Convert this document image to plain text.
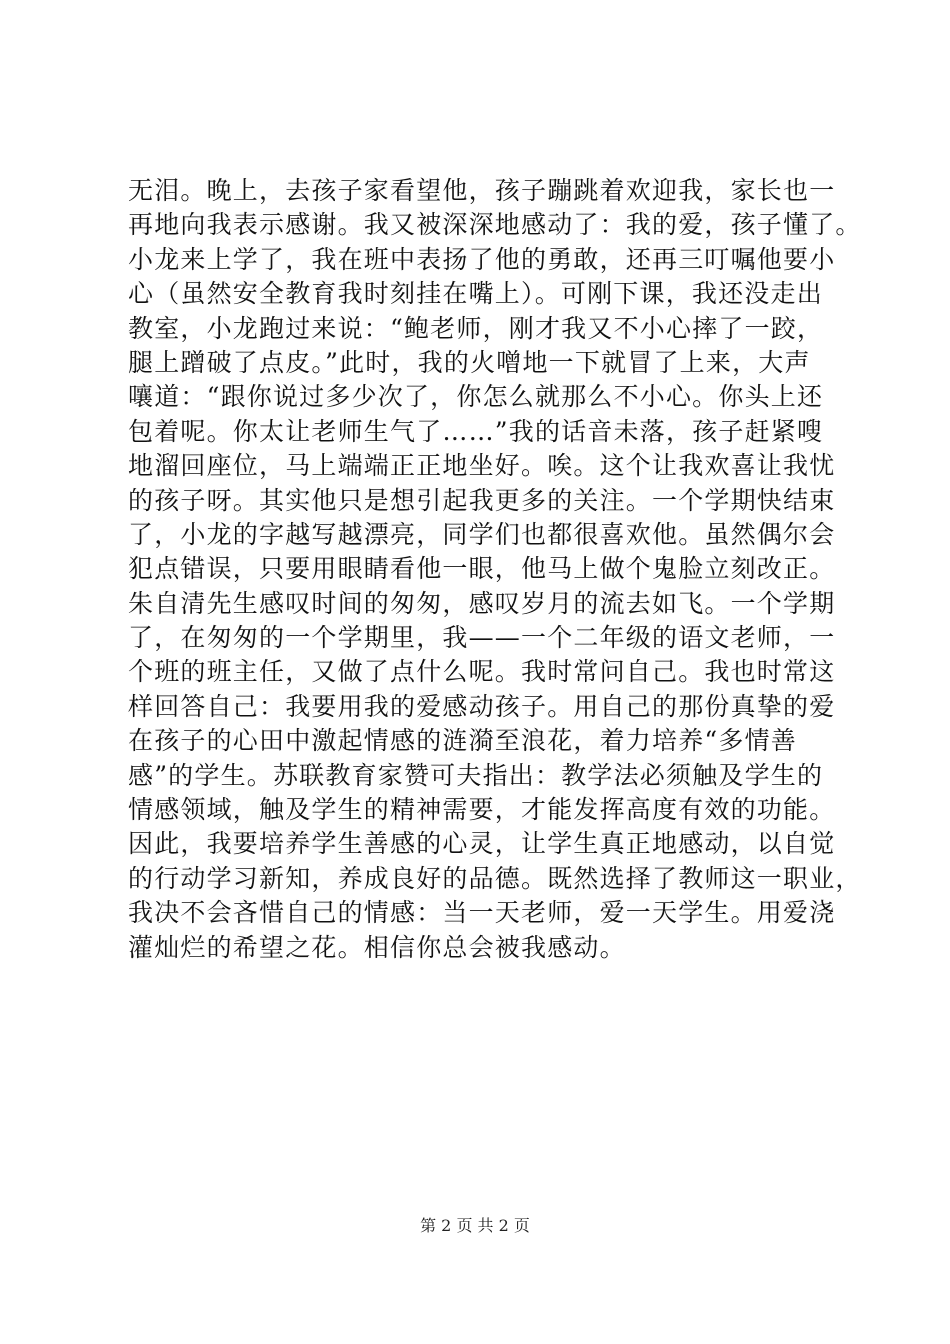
无泪。晚上，去孩子家看望他，孩子蹦跳着欢迎我，家长也一
再地向我表示感谢。我又被深深地感动了：我的爱，孩子懂了。
小龙来上学了，我在班中表扬了他的勇敢，还再三叮嘱他要小
心（虽然安全教育我时刻挂在嘴上）。可刚下课，我还没走出
教室，小龙跑过来说：“鲍老师，刚才我又不小心摔了一跤，
腿上蹭破了点皮。”此时，我的火噌地一下就冒了上来，大声
嚷道：“跟你说过多少次了，你怎么就那么不小心。你头上还
包着呢。你太让老师生气了……”我的话音未落，孩子赶紧嗖
地溜回座位，马上端端正正地坐好。唉。这个让我欢喜让我忧
的孩子呀。其实他只是想引起我更多的关注。一个学期快结束
了，小龙的字越写越漂亮，同学们也都很喜欢他。虽然偶尔会
犯点错误，只要用眼睛看他一眼，他马上做个鬼脸立刻改正。
朱自清先生感叹时间的匆匆，感叹岁月的流去如飞。一个学期
了，在匆匆的一个学期里，我——一个二年级的语文老师，一
个班的班主任，又做了点什么呢。我时常问自己。我也时常这
样回答自己：我要用我的爱感动孩子。用自己的那份真挚的爱
在孩子的心田中激起情感的涟漪至浪花，着力培养“多情善
感”的学生。苏联教育家赞可夫指出：教学法必须触及学生的
情感领域，触及学生的精神需要，才能发挥高度有效的功能。
因此，我要培养学生善感的心灵，让学生真正地感动，以自觉
的行动学习新知，养成良好的品德。既然选择了教师这一职业，
我决不会吝惜自己的情感：当一天老师，爱一天学生。用爱浇
灌灿烂的希望之花。相信你总会被我感动。
第 2 页 共 2 页
